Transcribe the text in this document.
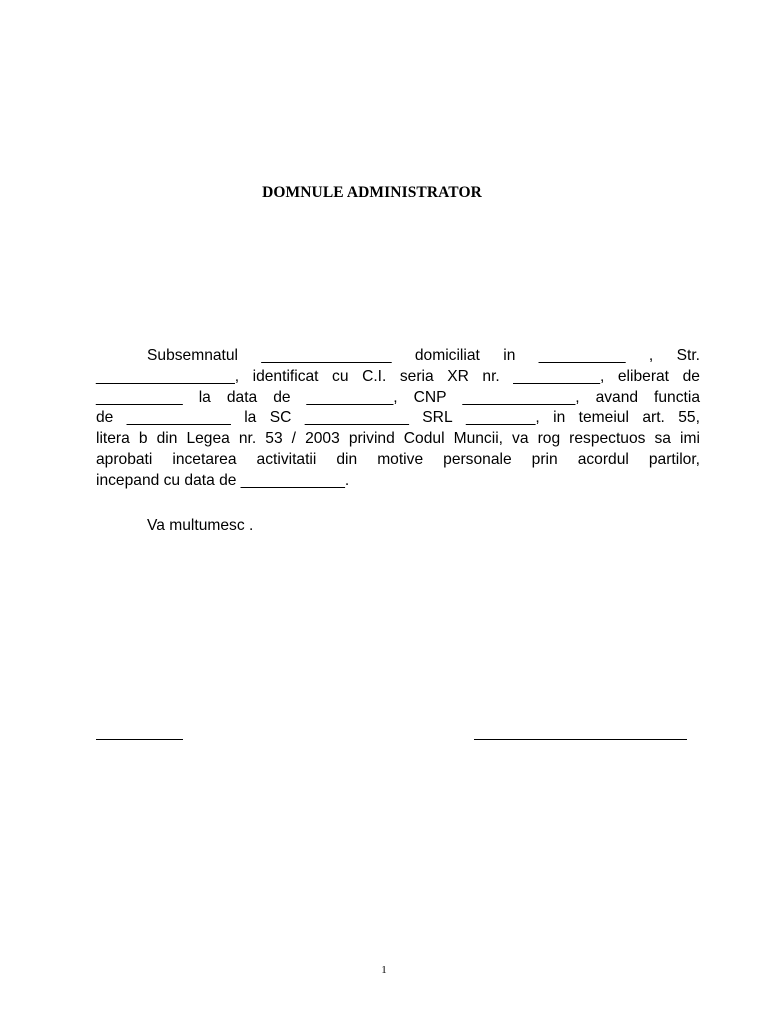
DOMNULE ADMINISTRATOR
Subsemnatul _______________ domiciliat in __________ , Str.
________________, identificat cu C.I. seria XR nr. __________, eliberat de
__________ la data de __________, CNP _____________, avand functia
de ____________ la SC ____________ SRL ________, in temeiul art. 55,
litera b din Legea nr. 53 / 2003 privind Codul Muncii, va rog respectuos sa imi
aprobati incetarea activitatii din motive personale prin acordul partilor,
incepand cu data de ____________.
Va multumesc .
1
